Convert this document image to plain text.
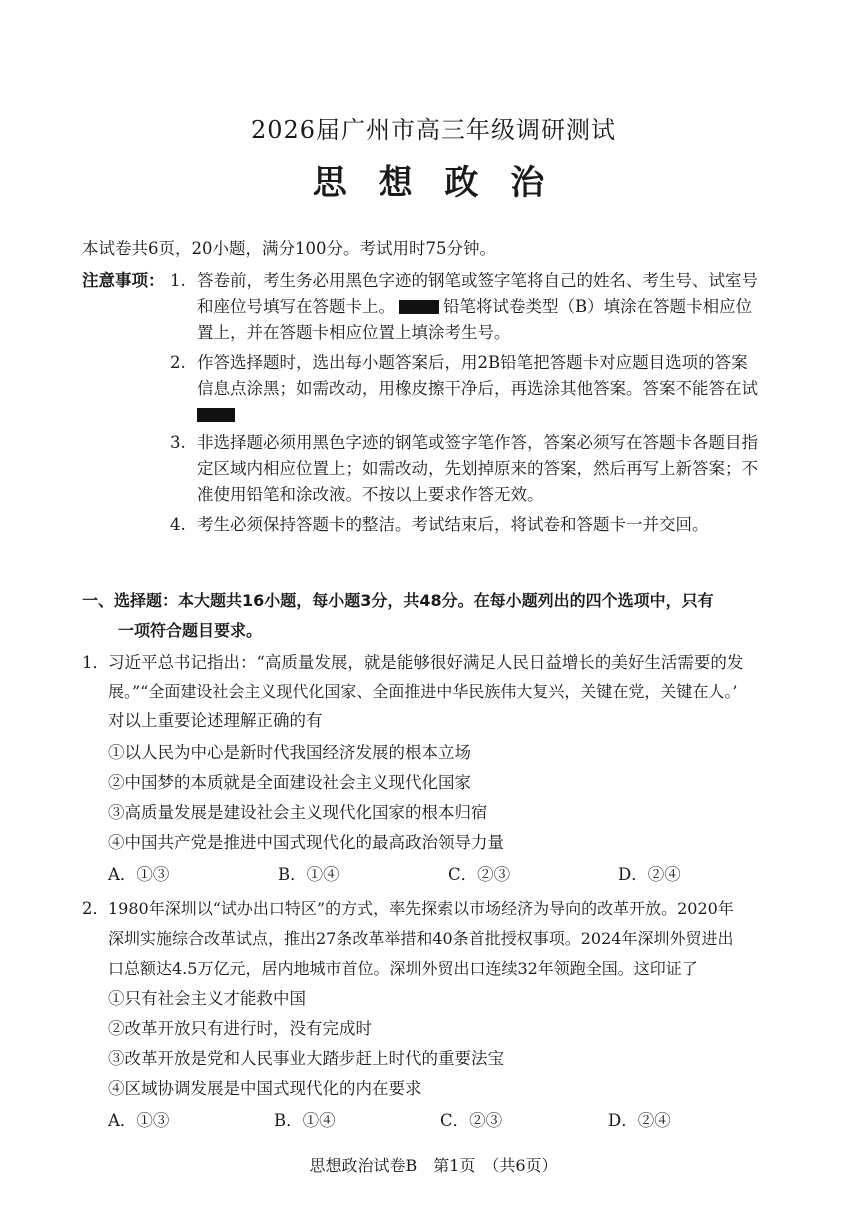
2026届广州市高三年级调研测试
思 想 政 治
本试卷共6页，20小题，满分100分。考试用时75分钟。
注意事项： 1. 答卷前，考生务必用黑色字迹的钢笔或签字笔将自己的姓名、考生号、试室号
和座位号填写在答题卡上。	铅笔将试卷类型（B）填涂在答题卡相应位
置上，并在答题卡相应位置上填涂考生号。
2. 作答选择题时，选出每小题答案后，用2B铅笔把答题卡对应题目选项的答案
信息点涂黑；如需改动，用橡皮擦干净后，再选涂其他答案。答案不能答在试
3. 非选择题必须用黑色字迹的钢笔或签字笔作答，答案必须写在答题卡各题目指
定区域内相应位置上；如需改动，先划掉原来的答案，然后再写上新答案；不
准使用铅笔和涂改液。不按以上要求作答无效。
4. 考生必须保持答题卡的整洁。考试结束后，将试卷和答题卡一并交回。
一、选择题：本大题共16小题，每小题3分，共48分。在每小题列出的四个选项中，只有
一项符合题目要求。
1． 习近平总书记指出：“高质量发展，就是能够很好满足人民日益增长的美好生活需要的发
展。”“全面建设社会主义现代化国家、全面推进中华民族伟大复兴，关键在党，关键在人。’
对以上重要论述理解正确的有
①以人民为中心是新时代我国经济发展的根本立场
②中国梦的本质就是全面建设社会主义现代化国家
③高质量发展是建设社会主义现代化国家的根本归宿
④中国共产党是推进中国式现代化的最高政治领导力量
A．①③	B．①④	C．②③	D．②④
2． 1980年深圳以“试办出口特区”的方式，率先探索以市场经济为导向的改革开放。2020年
深圳实施综合改革试点，推出27条改革举措和40条首批授权事项。2024年深圳外贸进出
口总额达4.5万亿元，居内地城市首位。深圳外贸出口连续32年领跑全国。这印证了
①只有社会主义才能救中国
②改革开放只有进行时，没有完成时
③改革开放是党和人民事业大踏步赶上时代的重要法宝
④区域协调发展是中国式现代化的内在要求
A．①③	B．①④	C．②③	D．②④
思想政治试卷B　第1页　（共6页）
